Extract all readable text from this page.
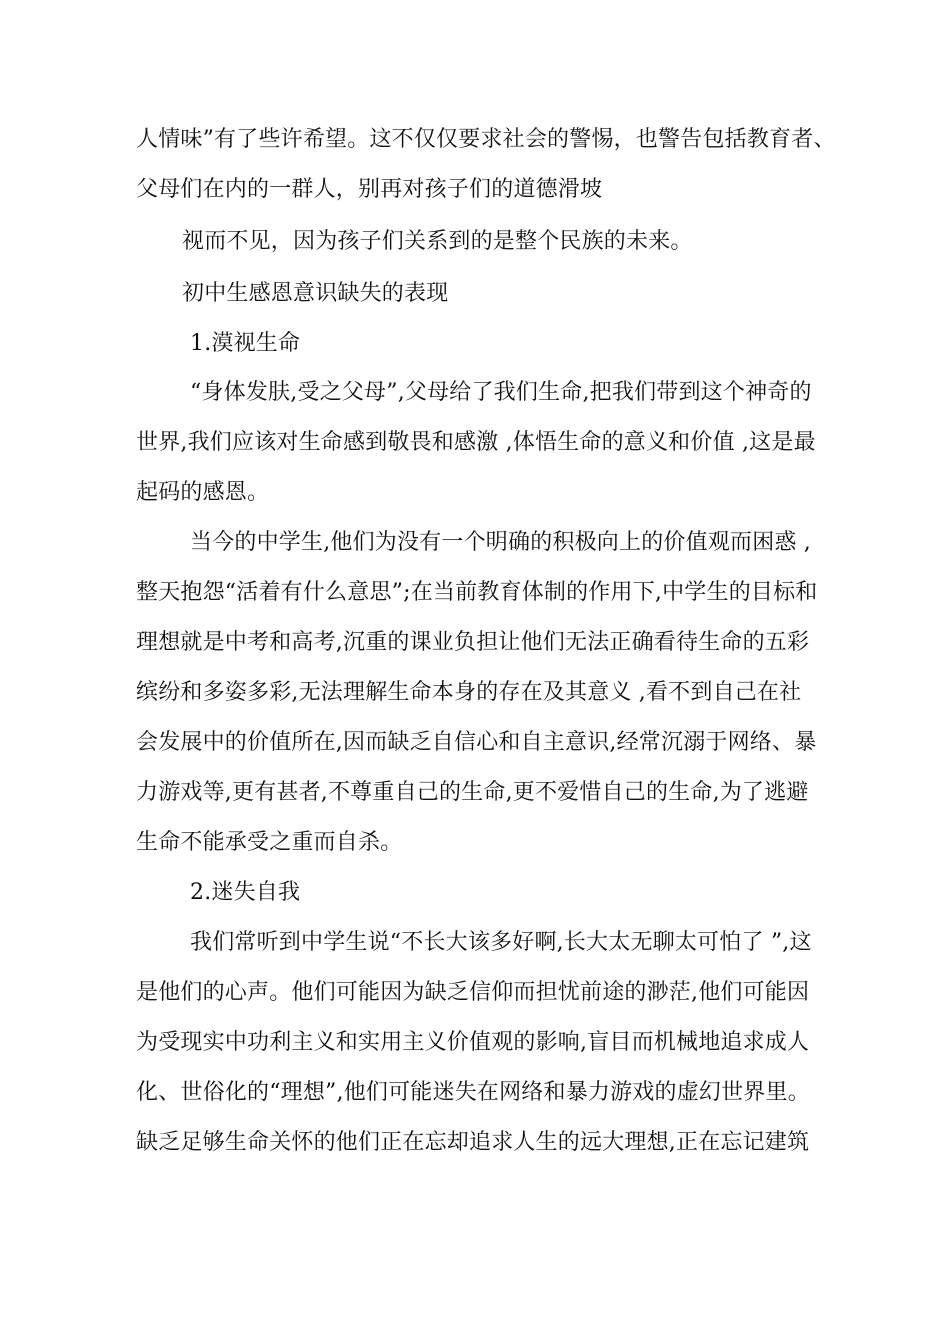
人情味”有了些许希望。这不仅仅要求社会的警惕，也警告包括教育者、
父母们在内的一群人，别再对孩子们的道德滑坡
视而不见，因为孩子们关系到的是整个民族的未来。
初中生感恩意识缺失的表现
1.漠视生命
“身体发肤,受之父母”,父母给了我们生命,把我们带到这个神奇的
世界,我们应该对生命感到敬畏和感激 ,体悟生命的意义和价值 ,这是最
起码的感恩。
当今的中学生,他们为没有一个明确的积极向上的价值观而困惑 ,
整天抱怨“活着有什么意思”;在当前教育体制的作用下,中学生的目标和
理想就是中考和高考,沉重的课业负担让他们无法正确看待生命的五彩
缤纷和多姿多彩,无法理解生命本身的存在及其意义 ,看不到自己在社
会发展中的价值所在,因而缺乏自信心和自主意识,经常沉溺于网络、暴
力游戏等,更有甚者,不尊重自己的生命,更不爱惜自己的生命,为了逃避
生命不能承受之重而自杀。
2.迷失自我
我们常听到中学生说“不长大该多好啊,长大太无聊太可怕了 ”,这
是他们的心声。他们可能因为缺乏信仰而担忧前途的渺茫,他们可能因
为受现实中功利主义和实用主义价值观的影响,盲目而机械地追求成人
化、世俗化的“理想”,他们可能迷失在网络和暴力游戏的虚幻世界里。
缺乏足够生命关怀的他们正在忘却追求人生的远大理想,正在忘记建筑
